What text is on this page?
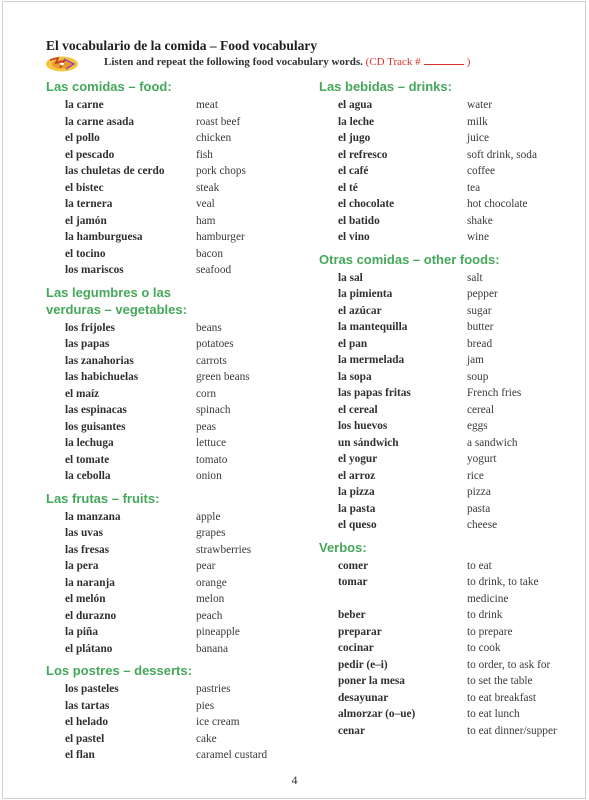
El vocabulario de la comida – Food vocabulary
Listen and repeat the following food vocabulary words. (CD Track #	)
Las comidas – food:
la carne	meat
la carne asada	roast beef
el pollo	chicken
el pescado	fish
las chuletas de cerdo	pork chops
el bistec	steak
la ternera	veal
el jamón	ham
la hamburguesa	hamburger
el tocino	bacon
los mariscos	seafood
Las legumbres o las
verduras – vegetables:
los frijoles	beans
las papas	potatoes
las zanahorias	carrots
las habichuelas	green beans
el maíz	corn
las espinacas	spinach
los guisantes	peas
la lechuga	lettuce
el tomate	tomato
la cebolla	onion
Las frutas – fruits:
la manzana	apple
las uvas	grapes
las fresas	strawberries
la pera	pear
la naranja	orange
el melón	melon
el durazno	peach
la piña	pineapple
el plátano	banana
Los postres – desserts:
los pasteles	pastries
las tartas	pies
el helado	ice cream
el pastel	cake
el flan	caramel custard
Las bebidas – drinks:
el agua	water
la leche	milk
el jugo	juice
el refresco	soft drink, soda
el café	coffee
el té	tea
el chocolate	hot chocolate
el batido	shake
el vino	wine
Otras comidas – other foods:
la sal	salt
la pimienta	pepper
el azúcar	sugar
la mantequilla	butter
el pan	bread
la mermelada	jam
la sopa	soup
las papas fritas	French fries
el cereal	cereal
los huevos	eggs
un sándwich	a sandwich
el yogur	yogurt
el arroz	rice
la pizza	pizza
la pasta	pasta
el queso	cheese
Verbos:
comer	to eat
tomar	to drink, to take
medicine
beber	to drink
preparar	to prepare
cocinar	to cook
pedir (e–i)	to order, to ask for
poner la mesa	to set the table
desayunar	to eat breakfast
almorzar (o–ue)	to eat lunch
cenar	to eat dinner/supper
4
